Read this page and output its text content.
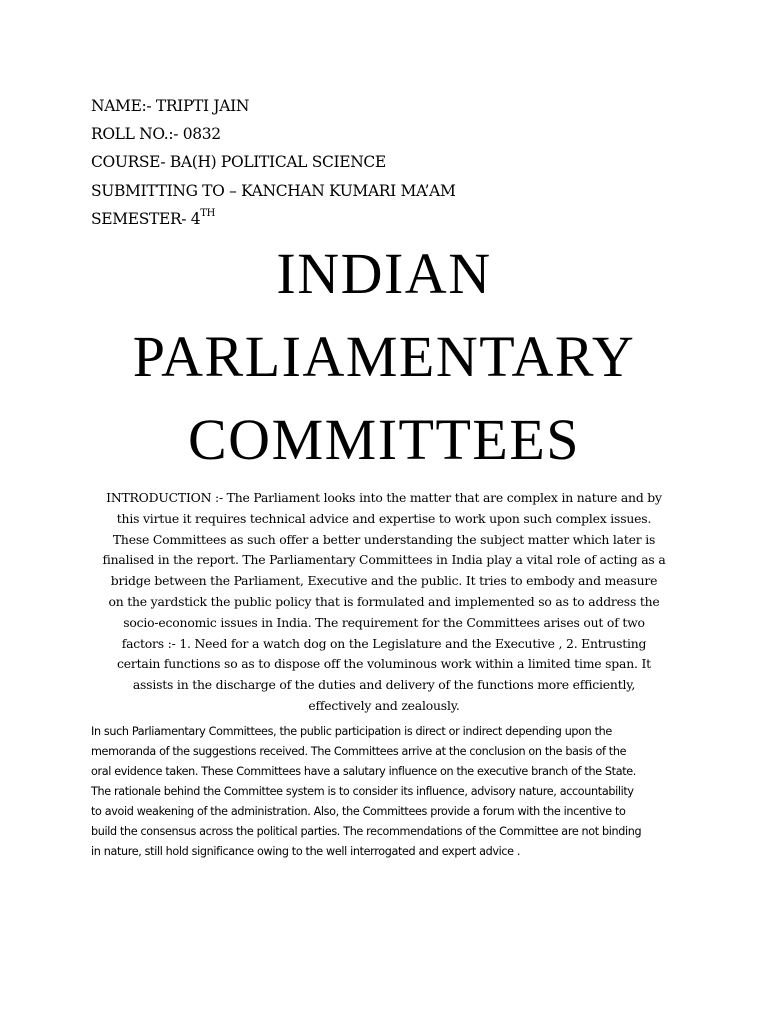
NAME:- TRIPTI JAIN
ROLL NO.:- 0832
COURSE- BA(H) POLITICAL SCIENCE
SUBMITTING TO – KANCHAN KUMARI MA’AM
SEMESTER- 4TH
INDIAN
PARLIAMENTARY
COMMITTEES
INTRODUCTION :- The Parliament looks into the matter that are complex in nature and by
this virtue it requires technical advice and expertise to work upon such complex issues.
These Committees as such offer a better understanding the subject matter which later is
finalised in the report. The Parliamentary Committees in India play a vital role of acting as a
bridge between the Parliament, Executive and the public. It tries to embody and measure
on the yardstick the public policy that is formulated and implemented so as to address the
socio-economic issues in India. The requirement for the Committees arises out of two
factors :- 1. Need for a watch dog on the Legislature and the Executive , 2. Entrusting
certain functions so as to dispose off the voluminous work within a limited time span. It
assists in the discharge of the duties and delivery of the functions more efficiently,
effectively and zealously.
In such Parliamentary Committees, the public participation is direct or indirect depending upon the
memoranda of the suggestions received. The Committees arrive at the conclusion on the basis of the
oral evidence taken. These Committees have a salutary influence on the executive branch of the State.
The rationale behind the Committee system is to consider its influence, advisory nature, accountability
to avoid weakening of the administration. Also, the Committees provide a forum with the incentive to
build the consensus across the political parties. The recommendations of the Committee are not binding
in nature, still hold significance owing to the well interrogated and expert advice .
